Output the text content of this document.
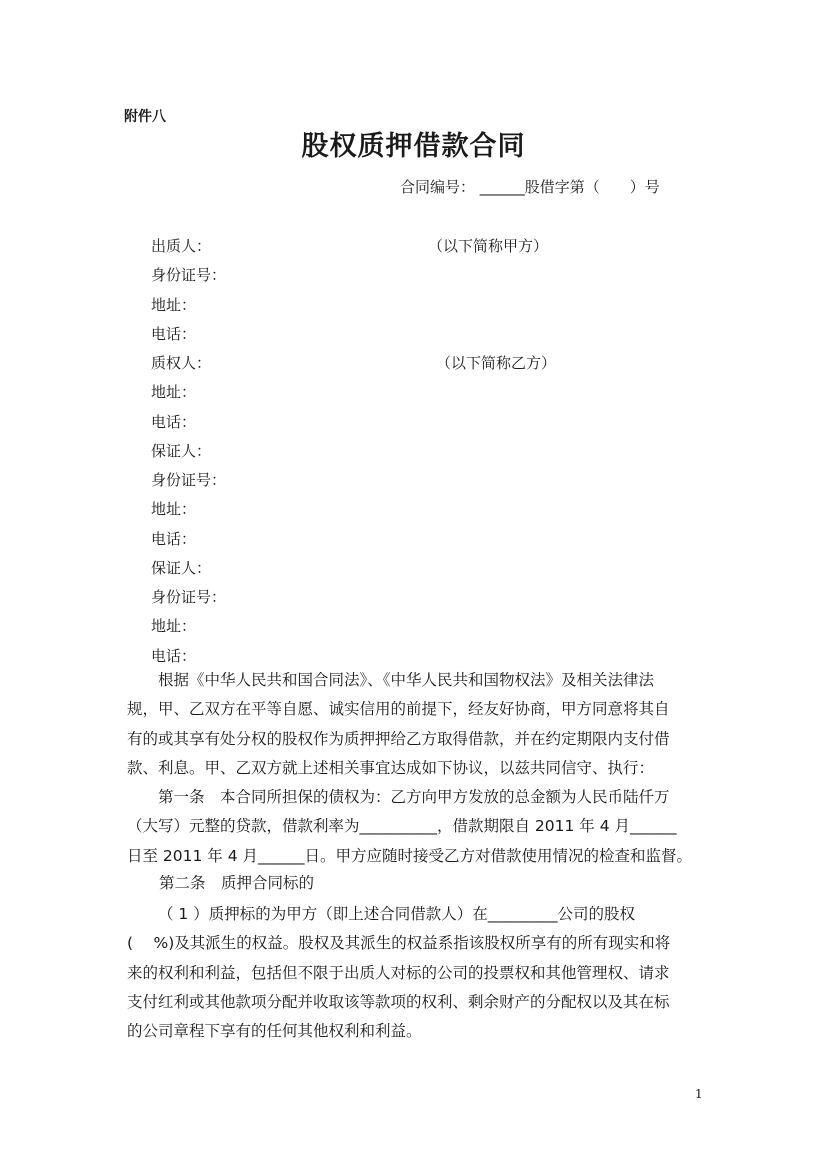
附件八
股权质押借款合同
合同编号： ______股借字第（　　）号
出质人：	（以下简称甲方）
身份证号：
地址：
电话：
质权人：	（以下简称乙方）
地址：
电话：
保证人：
身份证号：
地址：
电话：
保证人：
身份证号：
地址：
电话：
根据《中华人民共和国合同法》、《中华人民共和国物权法》及相关法律法
规，甲、乙双方在平等自愿、诚实信用的前提下，经友好协商，甲方同意将其自
有的或其享有处分权的股权作为质押押给乙方取得借款，并在约定期限内支付借
款、利息。甲、乙双方就上述相关事宜达成如下协议，以兹共同信守、执行：
第一条　本合同所担保的债权为：乙方向甲方发放的总金额为人民币陆仟万
（大写）元整的贷款，借款利率为__________，借款期限自 2011 年 4 月______
日至 2011 年 4 月______日。甲方应随时接受乙方对借款使用情况的检查和监督。
第二条　质押合同标的
（ 1 ）质押标的为甲方（即上述合同借款人）在_________公司的股权
(　 %)及其派生的权益。股权及其派生的权益系指该股权所享有的所有现实和将
来的权利和利益，包括但不限于出质人对标的公司的投票权和其他管理权、请求
支付红利或其他款项分配并收取该等款项的权利、剩余财产的分配权以及其在标
的公司章程下享有的任何其他权利和利益。
1
